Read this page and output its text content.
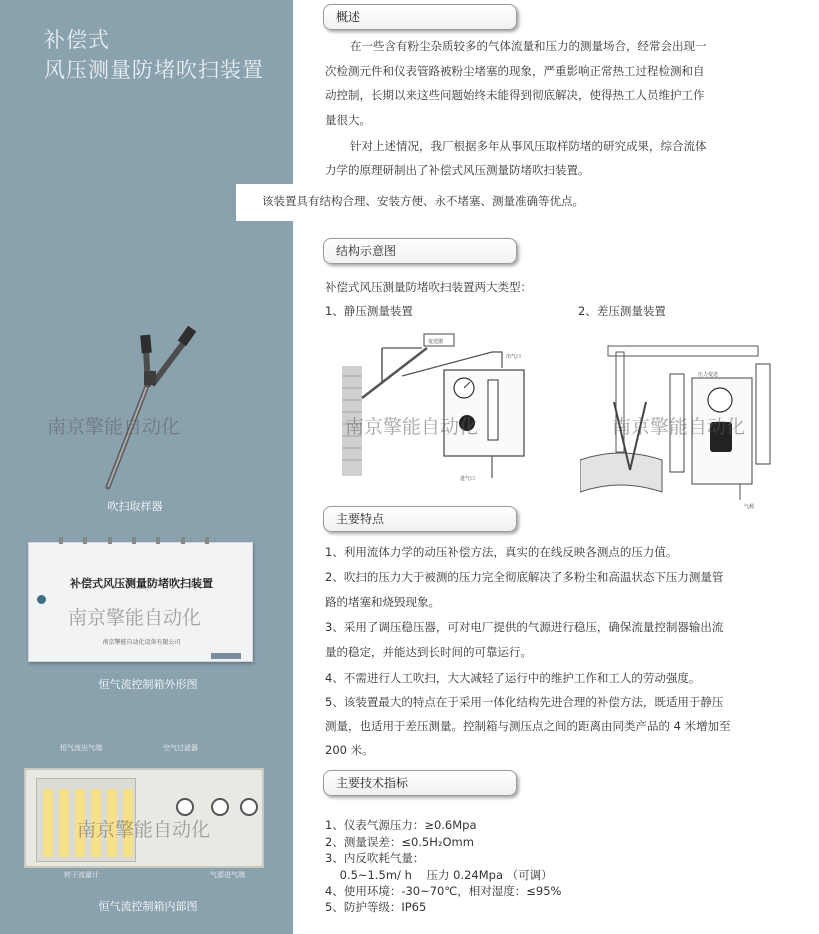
补偿式
风压测量防堵吹扫装置
南京擎能自动化
吹扫取样器
补偿式风压测量防堵吹扫装置
南京擎能自动化设备有限公司
南京擎能自动化
恒气流控制箱外形图
恒气流出气端	空气过滤器
南京擎能自动化
转子流量计	气源进气端
恒气流控制箱内部图
概述
在一些含有粉尘杂质较多的气体流量和压力的测量场合，经常会出现一
次检测元件和仪表管路被粉尘堵塞的现象，严重影响正常热工过程检测和自
动控制，长期以来这些问题始终未能得到彻底解决，使得热工人员维护工作
量很大。
针对上述情况，我厂根据多年从事风压取样防堵的研究成果，综合流体
力学的原理研制出了补偿式风压测量防堵吹扫装置。
该装置具有结构合理、安装方便、永不堵塞、测量准确等优点。
结构示意图
补偿式风压测量防堵吹扫装置两大类型：
1、静压测量装置	2、差压测量装置
变送器
出气口
进气口
压力变送
气源
南京擎能自动化	南京擎能自动化
主要特点
1、利用流体力学的动压补偿方法，真实的在线反映各测点的压力值。
2、吹扫的压力大于被测的压力完全彻底解决了多粉尘和高温状态下压力测量管
路的堵塞和烧毁现象。
3、采用了调压稳压器，可对电厂提供的气源进行稳压，确保流量控制器输出流
量的稳定，并能达到长时间的可靠运行。
4、不需进行人工吹扫，大大减轻了运行中的维护工作和工人的劳动强度。
5、该装置最大的特点在于采用一体化结构先进合理的补偿方法，既适用于静压
测量，也适用于差压测量。控制箱与测压点之间的距离由同类产品的 4 米增加至
200 米。
主要技术指标
1、仪表气源压力：≥0.6Mpa
2、测量误差：≤0.5H₂Omm
3、内反吹耗气量：
0.5~1.5m/ h    压力 0.24Mpa （可调）
4、使用环境：-30~70℃，相对湿度：≤95%
5、防护等级：IP65
